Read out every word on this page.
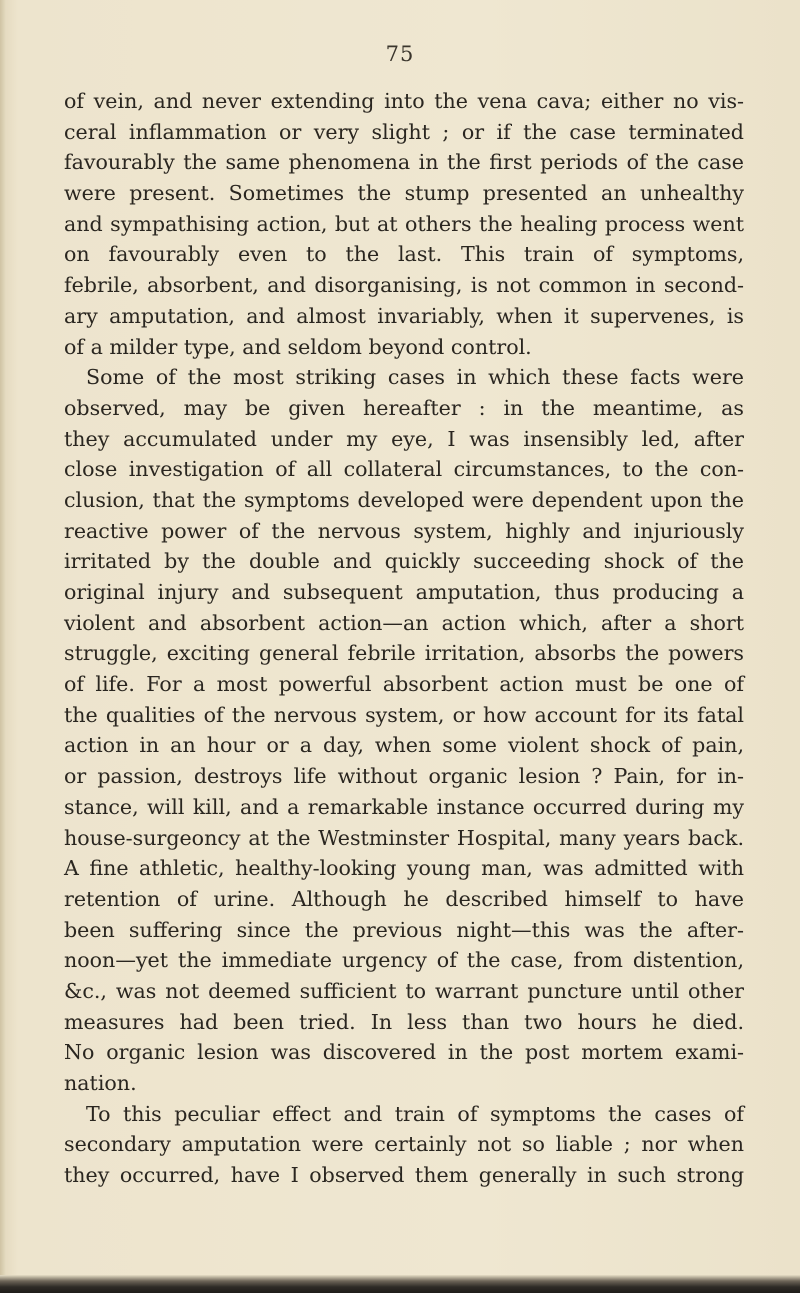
75
of vein, and never extending into the vena cava; either no vis-
ceral inflammation or very slight ; or if the case terminated
favourably the same phenomena in the first periods of the case
were present. Sometimes the stump presented an unhealthy
and sympathising action, but at others the healing process went
on favourably even to the last. This train of symptoms,
febrile, absorbent, and disorganising, is not common in second-
ary amputation, and almost invariably, when it supervenes, is
of a milder type, and seldom beyond control.
Some of the most striking cases in which these facts were
observed, may be given hereafter : in the meantime, as
they accumulated under my eye, I was insensibly led, after
close investigation of all collateral circumstances, to the con-
clusion, that the symptoms developed were dependent upon the
reactive power of the nervous system, highly and injuriously
irritated by the double and quickly succeeding shock of the
original injury and subsequent amputation, thus producing a
violent and absorbent action—an action which, after a short
struggle, exciting general febrile irritation, absorbs the powers
of life. For a most powerful absorbent action must be one of
the qualities of the nervous system, or how account for its fatal
action in an hour or a day, when some violent shock of pain,
or passion, destroys life without organic lesion ? Pain, for in-
stance, will kill, and a remarkable instance occurred during my
house-surgeoncy at the Westminster Hospital, many years back.
A fine athletic, healthy-looking young man, was admitted with
retention of urine. Although he described himself to have
been suffering since the previous night—this was the after-
noon—yet the immediate urgency of the case, from distention,
&c., was not deemed sufficient to warrant puncture until other
measures had been tried. In less than two hours he died.
No organic lesion was discovered in the post mortem exami-
nation.
To this peculiar effect and train of symptoms the cases of
secondary amputation were certainly not so liable ; nor when
they occurred, have I observed them generally in such strong
